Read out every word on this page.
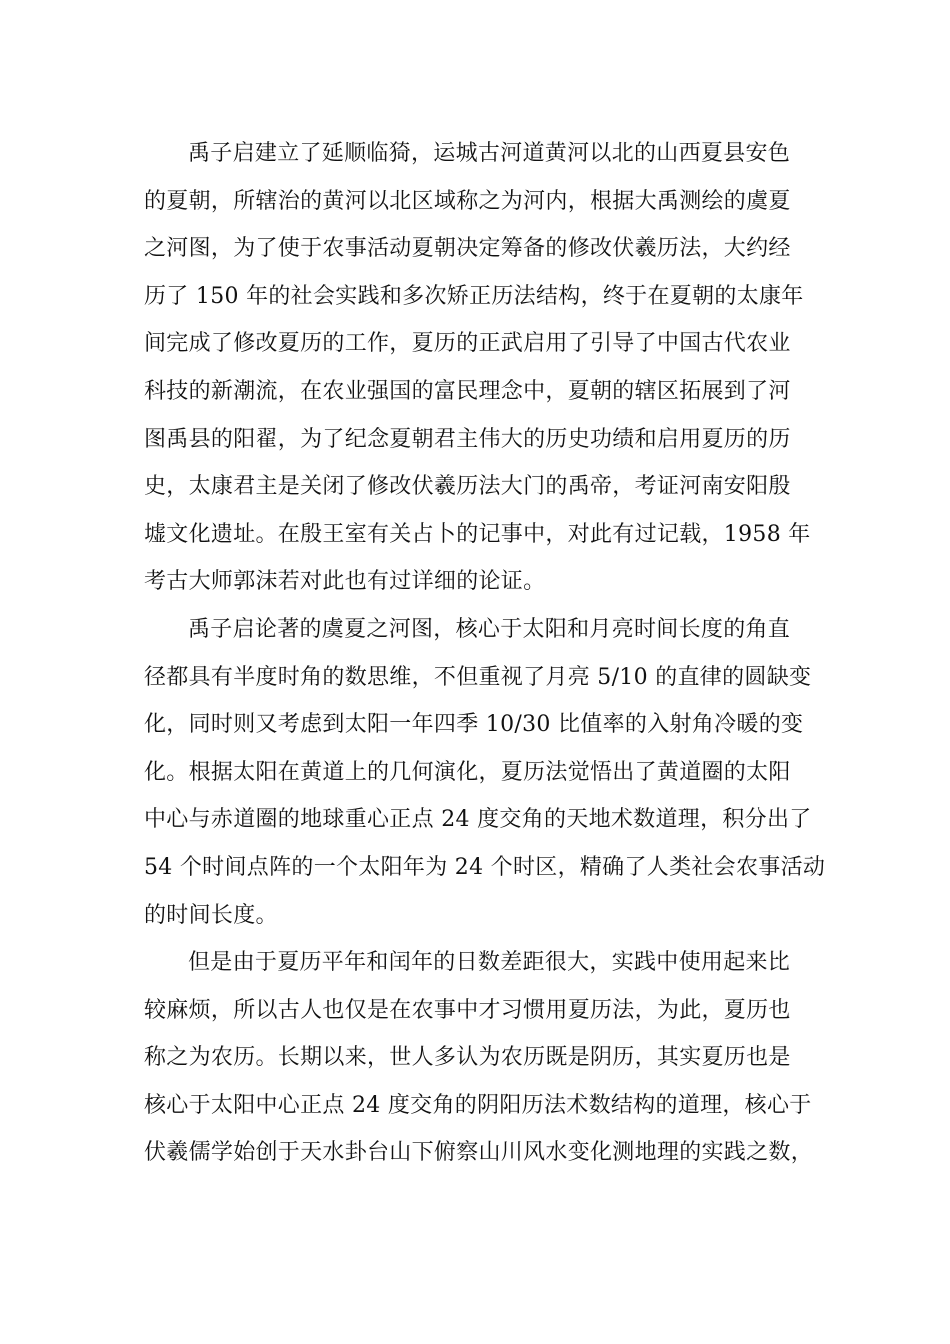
禹子启建立了延顺临猗，运城古河道黄河以北的山西夏县安色
的夏朝，所辖治的黄河以北区域称之为河内，根据大禹测绘的虞夏
之河图，为了使于农事活动夏朝决定筹备的修改伏羲历法，大约经
历了 150 年的社会实践和多次矫正历法结构，终于在夏朝的太康年
间完成了修改夏历的工作，夏历的正武启用了引导了中国古代农业
科技的新潮流，在农业强国的富民理念中，夏朝的辖区拓展到了河
图禹县的阳翟，为了纪念夏朝君主伟大的历史功绩和启用夏历的历
史，太康君主是关闭了修改伏羲历法大门的禹帝，考证河南安阳殷
墟文化遗址。在殷王室有关占卜的记事中，对此有过记载，1958 年
考古大师郭沫若对此也有过详细的论证。
禹子启论著的虞夏之河图，核心于太阳和月亮时间长度的角直
径都具有半度时角的数思维，不但重视了月亮 5/10 的直律的圆缺变
化，同时则又考虑到太阳一年四季 10/30 比值率的入射角冷暖的变
化。根据太阳在黄道上的几何演化，夏历法觉悟出了黄道圈的太阳
中心与赤道圈的地球重心正点 24 度交角的天地术数道理，积分出了
54 个时间点阵的一个太阳年为 24 个时区，精确了人类社会农事活动
的时间长度。
但是由于夏历平年和闰年的日数差距很大，实践中使用起来比
较麻烦，所以古人也仅是在农事中才习惯用夏历法，为此，夏历也
称之为农历。长期以来，世人多认为农历既是阴历，其实夏历也是
核心于太阳中心正点 24 度交角的阴阳历法术数结构的道理，核心于
伏羲儒学始创于天水卦台山下俯察山川风水变化测地理的实践之数，
